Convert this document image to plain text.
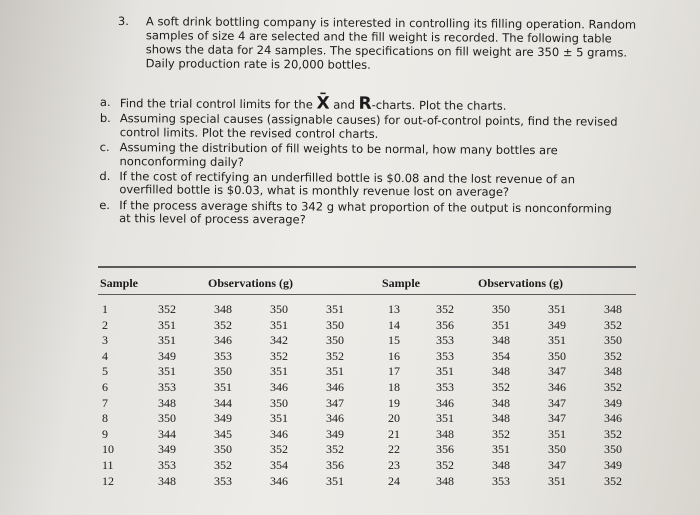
3. A soft drink bottling company is interested in controlling its filling operation. Random samples of size 4 are selected and the fill weight is recorded. The following table shows the data for 24 samples. The specifications on fill weight are 350 ± 5 grams. Daily production rate is 20,000 bottles.
a. Find the trial control limits for the X̄ and R-charts. Plot the charts.
b. Assuming special causes (assignable causes) for out-of-control points, find the revised control limits. Plot the revised control charts.
c. Assuming the distribution of fill weights to be normal, how many bottles are nonconforming daily?
d. If the cost of rectifying an underfilled bottle is $0.08 and the lost revenue of an overfilled bottle is $0.03, what is monthly revenue lost on average?
e. If the process average shifts to 342 g what proportion of the output is nonconforming at this level of process average?
Sample	Observations (g)	Sample	Observations (g)
1	352	348	350	351	13	352	350	351	348
2	351	352	351	350	14	356	351	349	352
3	351	346	342	350	15	353	348	351	350
4	349	353	352	352	16	353	354	350	352
5	351	350	351	351	17	351	348	347	348
6	353	351	346	346	18	353	352	346	352
7	348	344	350	347	19	346	348	347	349
8	350	349	351	346	20	351	348	347	346
9	344	345	346	349	21	348	352	351	352
10	349	350	352	352	22	356	351	350	350
11	353	352	354	356	23	352	348	347	349
12	348	353	346	351	24	348	353	351	352
